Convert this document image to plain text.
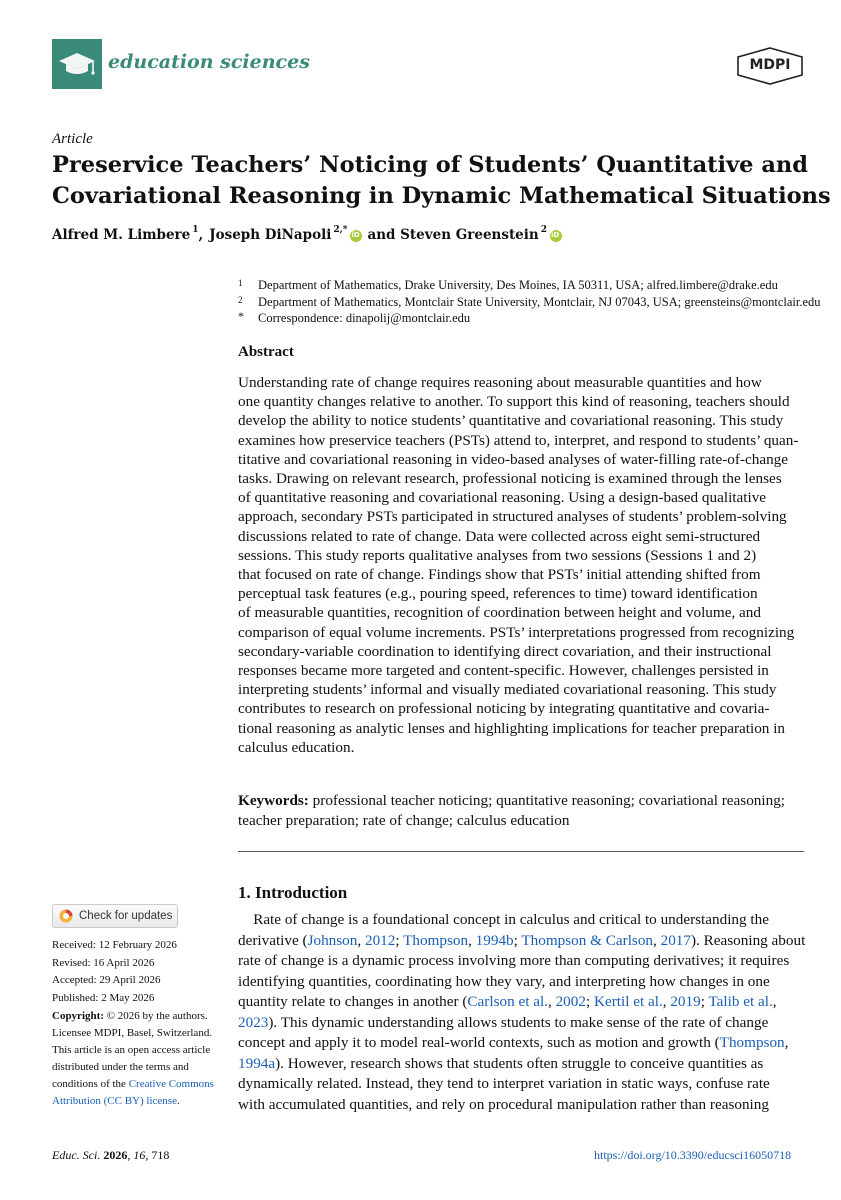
education sciences	MDPI
Article
Preservice Teachers’ Noticing of Students’ Quantitative and
Covariational Reasoning in Dynamic Mathematical Situations
Alfred M. Limbere$^1$ , Joseph DiNapoli$^{2,*}$
iD and Steven Greenstein$^2$
iD
1	Department of Mathematics, Drake University, Des Moines, IA 50311, USA; alfred.limbere@drake.edu
2	Department of Mathematics, Montclair State University, Montclair, NJ 07043, USA; greensteins@montclair.edu
*	Correspondence: dinapolij@montclair.edu
Abstract
Understanding rate of change requires reasoning about measurable quantities and how
one quantity changes relative to another. To support this kind of reasoning, teachers should
develop the ability to notice students’ quantitative and covariational reasoning. This study
examines how preservice teachers (PSTs) attend to, interpret, and respond to students’ quan-
titative and covariational reasoning in video-based analyses of water-filling rate-of-change
tasks. Drawing on relevant research, professional noticing is examined through the lenses
of quantitative reasoning and covariational reasoning. Using a design-based qualitative
approach, secondary PSTs participated in structured analyses of students’ problem-solving
discussions related to rate of change. Data were collected across eight semi-structured
sessions. This study reports qualitative analyses from two sessions (Sessions 1 and 2)
that focused on rate of change. Findings show that PSTs’ initial attending shifted from
perceptual task features (e.g., pouring speed, references to time) toward identification
of measurable quantities, recognition of coordination between height and volume, and
comparison of equal volume increments. PSTs’ interpretations progressed from recognizing
secondary-variable coordination to identifying direct covariation, and their instructional
responses became more targeted and content-specific. However, challenges persisted in
interpreting students’ informal and visually mediated covariational reasoning. This study
contributes to research on professional noticing by integrating quantitative and covaria-
tional reasoning as analytic lenses and highlighting implications for teacher preparation in
calculus education.
Keywords: professional teacher noticing; quantitative reasoning; covariational reasoning;
teacher preparation; rate of change; calculus education
1. Introduction
Rate of change is a foundational concept in calculus and critical to understanding the
derivative (Johnson, 2012; Thompson, 1994b; Thompson & Carlson, 2017). Reasoning about
rate of change is a dynamic process involving more than computing derivatives; it requires
identifying quantities, coordinating how they vary, and interpreting how changes in one
quantity relate to changes in another (Carlson et al., 2002; Kertil et al., 2019; Talib et al.,
2023). This dynamic understanding allows students to make sense of the rate of change
concept and apply it to model real-world contexts, such as motion and growth (Thompson,
1994a). However, research shows that students often struggle to conceive quantities as
dynamically related. Instead, they tend to interpret variation in static ways, confuse rate
with accumulated quantities, and rely on procedural manipulation rather than reasoning
Check for updates
Received: 12 February 2026
Revised: 16 April 2026
Accepted: 29 April 2026
Published: 2 May 2026
Copyright: © 2026 by the authors.
Licensee MDPI, Basel, Switzerland.
This article is an open access article
distributed under the terms and
conditions of the Creative Commons
Attribution (CC BY) license.
Educ. Sci. 2026, 16, 718	https://doi.org/10.3390/educsci16050718
